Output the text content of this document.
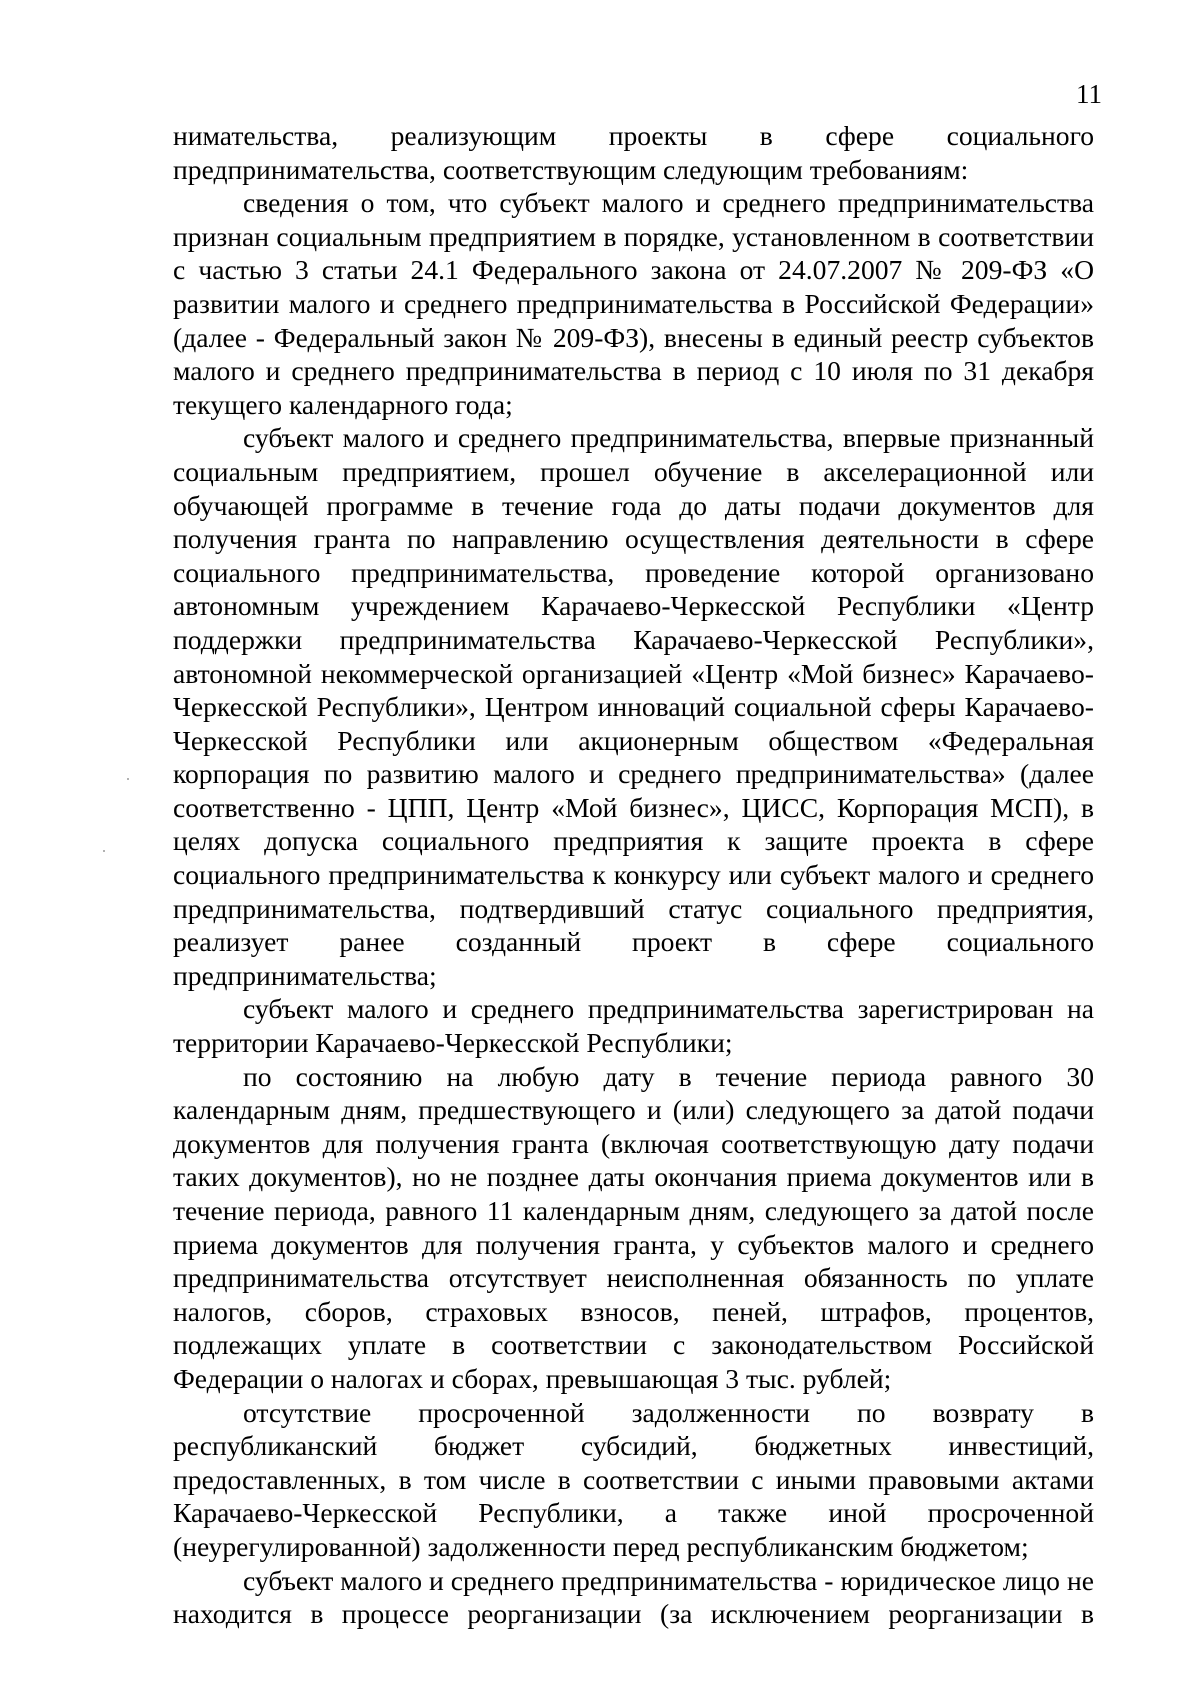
11

нимательства, реализующим проекты в сфере социального предпринимательства, соответствующим следующим требованиям:

сведения о том, что субъект малого и среднего предпринимательства признан социальным предприятием в порядке, установленном в соответствии с частью 3 статьи 24.1 Федерального закона от 24.07.2007 № 209-ФЗ «О развитии малого и среднего предпринимательства в Российской Федерации» (далее - Федеральный закон № 209-ФЗ), внесены в единый реестр субъектов малого и среднего предпринимательства в период с 10 июля по 31 декабря текущего календарного года;

субъект малого и среднего предпринимательства, впервые признанный социальным предприятием, прошел обучение в акселерационной или обучающей программе в течение года до даты подачи документов для получения гранта по направлению осуществления деятельности в сфере социального предпринимательства, проведение которой организовано автономным учреждением Карачаево-Черкесской Республики «Центр поддержки предпринимательства Карачаево-Черкесской Республики», автономной некоммерческой организацией «Центр «Мой бизнес» Карачаево-Черкесской Республики», Центром инноваций социальной сферы Карачаево-Черкесской Республики или акционерным обществом «Федеральная корпорация по развитию малого и среднего предпринимательства» (далее соответственно - ЦПП, Центр «Мой бизнес», ЦИСС, Корпорация МСП), в целях допуска социального предприятия к защите проекта в сфере социального предпринимательства к конкурсу или субъект малого и среднего предпринимательства, подтвердивший статус социального предприятия, реализует ранее созданный проект в сфере социального предпринимательства;

субъект малого и среднего предпринимательства зарегистрирован на территории Карачаево-Черкесской Республики;

по состоянию на любую дату в течение периода равного 30 календарным дням, предшествующего и (или) следующего за датой подачи документов для получения гранта (включая соответствующую дату подачи таких документов), но не позднее даты окончания приема документов или в течение периода, равного 11 календарным дням, следующего за датой после приема документов для получения гранта, у субъектов малого и среднего предпринимательства отсутствует неисполненная обязанность по уплате налогов, сборов, страховых взносов, пеней, штрафов, процентов, подлежащих уплате в соответствии с законодательством Российской Федерации о налогах и сборах, превышающая 3 тыс. рублей;

отсутствие просроченной задолженности по возврату в республиканский бюджет субсидий, бюджетных инвестиций, предоставленных, в том числе в соответствии с иными правовыми актами Карачаево-Черкесской Республики, а также иной просроченной (неурегулированной) задолженности перед республиканским бюджетом;

субъект малого и среднего предпринимательства - юридическое лицо не находится в процессе реорганизации (за исключением реорганизации в
